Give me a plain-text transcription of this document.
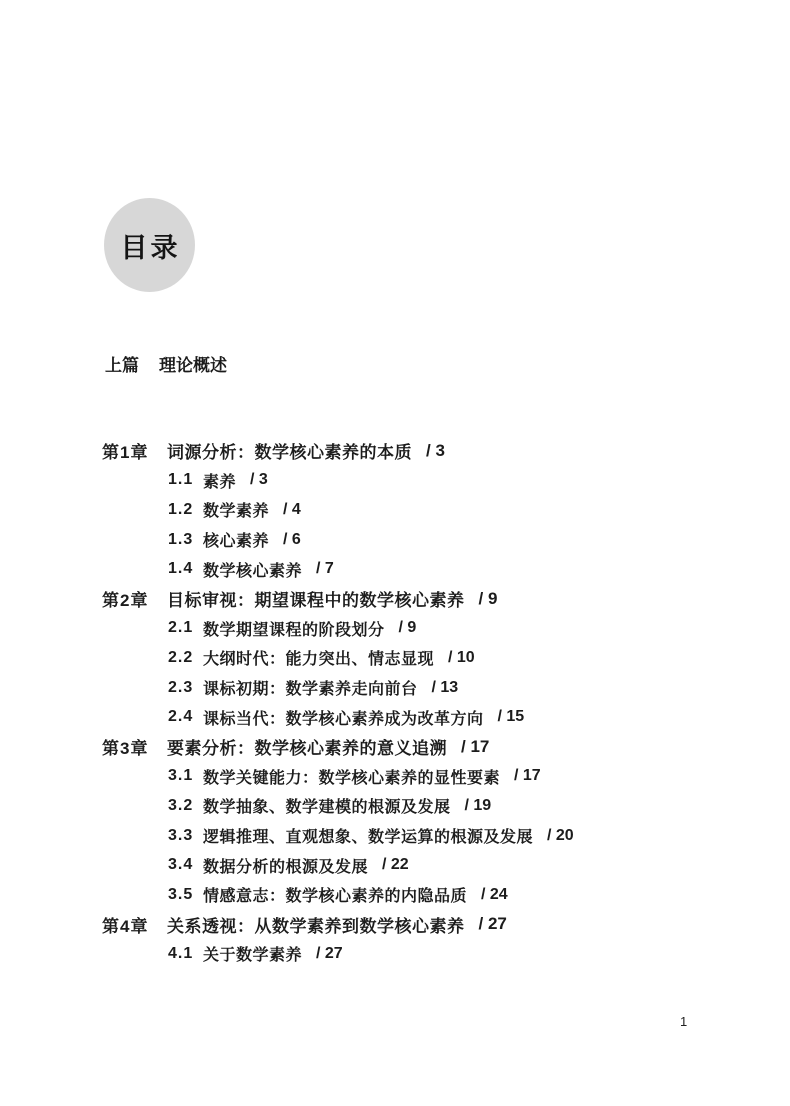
目录
上篇 理论概述
第1章	词源分析：数学核心素养的本质 / 3
1.1 素养 / 3
1.2 数学素养 / 4
1.3 核心素养 / 6
1.4 数学核心素养 / 7
第2章	目标审视：期望课程中的数学核心素养 / 9
2.1 数学期望课程的阶段划分 / 9
2.2 大纲时代：能力突出、情志显现 / 10
2.3 课标初期：数学素养走向前台 / 13
2.4 课标当代：数学核心素养成为改革方向 / 15
第3章	要素分析：数学核心素养的意义追溯 / 17
3.1 数学关键能力：数学核心素养的显性要素 / 17
3.2 数学抽象、数学建模的根源及发展 / 19
3.3 逻辑推理、直观想象、数学运算的根源及发展 / 20
3.4 数据分析的根源及发展 / 22
3.5 情感意志：数学核心素养的内隐品质 / 24
第4章	关系透视：从数学素养到数学核心素养 / 27
4.1 关于数学素养 / 27
1
